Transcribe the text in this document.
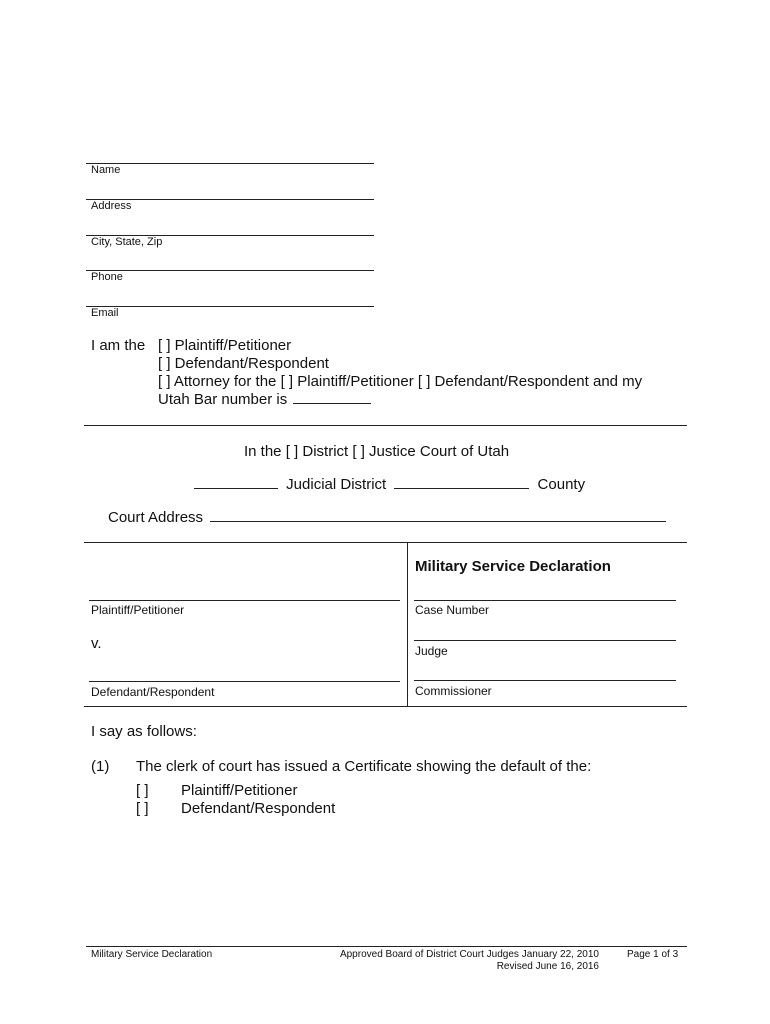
Name
Address
City, State, Zip
Phone
Email
I am the [ ] Plaintiff/Petitioner
[ ] Defendant/Respondent
[ ] Attorney for the [ ] Plaintiff/Petitioner [ ] Defendant/Respondent and my
Utah Bar number is
In the [ ] District [ ] Justice Court of Utah
Judicial District	County
Court Address
Military Service Declaration
Plaintiff/Petitioner	Case Number
v.	Judge
Defendant/Respondent	Commissioner
I say as follows:
(1) The clerk of court has issued a Certificate showing the default of the:
[ ] Plaintiff/Petitioner
[ ] Defendant/Respondent
Military Service Declaration	Approved Board of District Court Judges January 22, 2010
Revised June 16, 2016
Page 1 of 3
